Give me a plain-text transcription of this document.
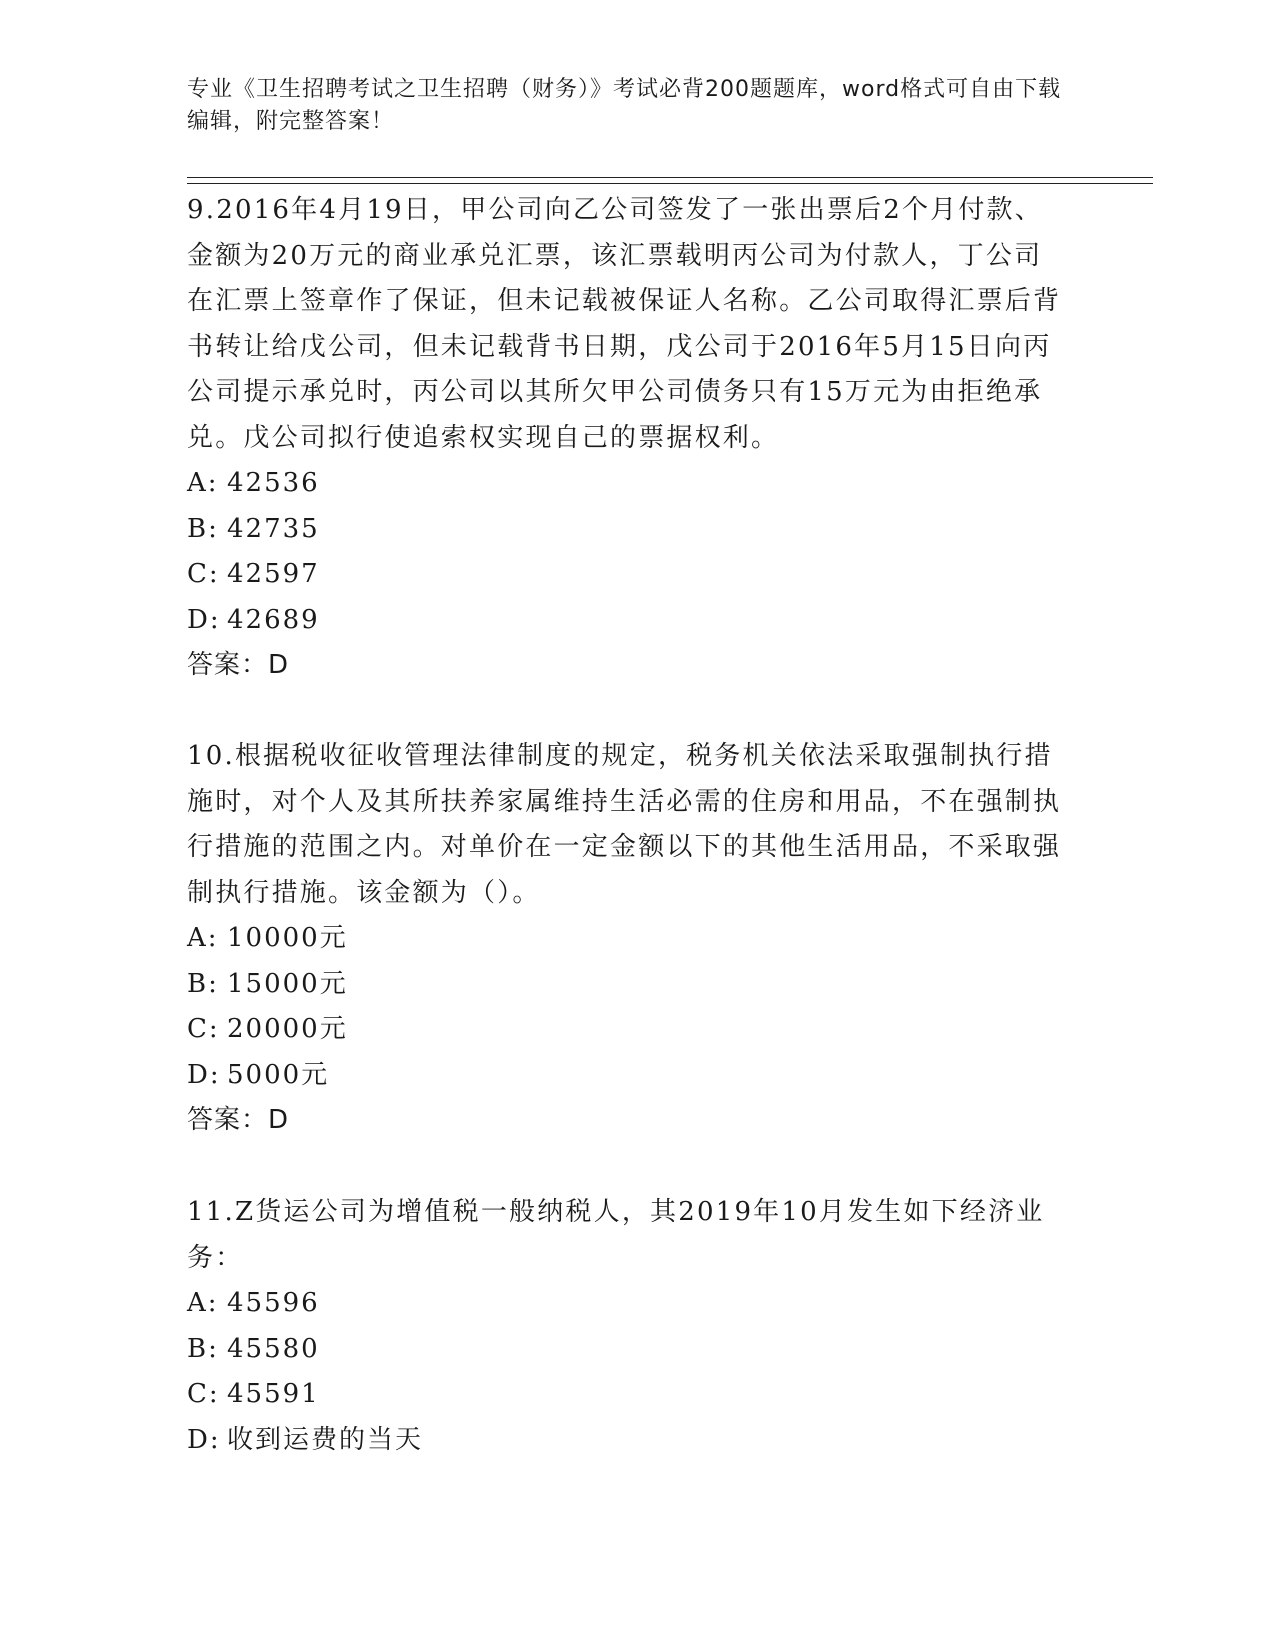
专业《卫生招聘考试之卫生招聘（财务）》考试必背200题题库，word格式可自由下载编辑，附完整答案！

9.2016年4月19日，甲公司向乙公司签发了一张出票后2个月付款、金额为20万元的商业承兑汇票，该汇票载明丙公司为付款人，丁公司在汇票上签章作了保证，但未记载被保证人名称。乙公司取得汇票后背书转让给戊公司，但未记载背书日期，戊公司于2016年5月15日向丙公司提示承兑时，丙公司以其所欠甲公司债务只有15万元为由拒绝承兑。戊公司拟行使追索权实现自己的票据权利。

A: 42536

B: 42735

C: 42597

D: 42689

答案：D

10.根据税收征收管理法律制度的规定，税务机关依法采取强制执行措施时，对个人及其所扶养家属维持生活必需的住房和用品，不在强制执行措施的范围之内。对单价在一定金额以下的其他生活用品，不采取强制执行措施。该金额为（）。

A: 10000元

B: 15000元

C: 20000元

D: 5000元

答案：D

11.Z货运公司为增值税一般纳税人，其2019年10月发生如下经济业务：

A: 45596

B: 45580

C: 45591

D: 收到运费的当天
